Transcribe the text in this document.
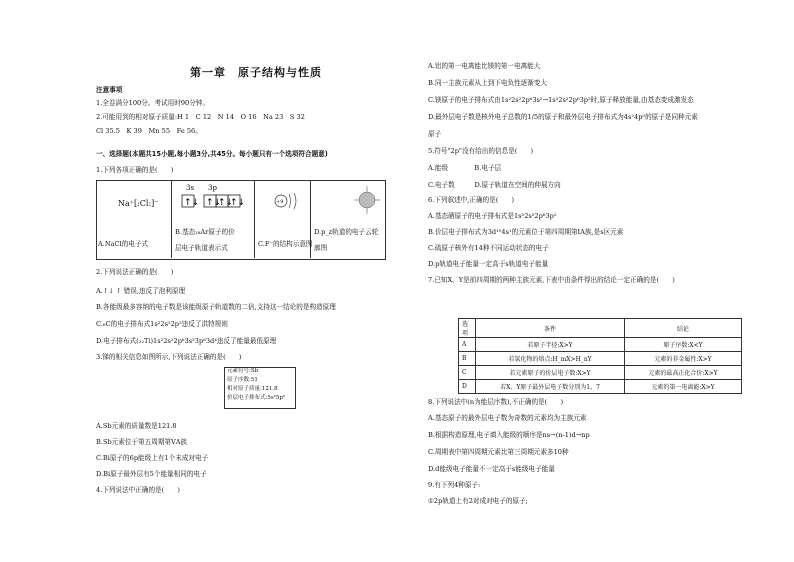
第一章　原子结构与性质
注意事项
1.全卷满分100分。考试用时90分钟。
2.可能用到的相对原子质量:H 1　C 12　N 14　O 16　Na 23　S 32
Cl 35.5　K 39　Mn 55　Fe 56。
一、选择题(本题共15小题,每小题3分,共45分。每小题只有一个选项符合题意)
1.下列各项正确的是(　　)
Na⁺[:Cl:]⁻
3s　　3p
↑↓ ↑↓
↑↓
↑↓	+9
A.NaCl的电子式
B.基态₁₈Ar原子的价
层电子轨道表示式	C.F⁻的结构示意图
D.p_z轨道的电子云轮
廓图
2.下列说法正确的是(　　)
A.↑↓ ↑ 错误,违反了泡利原理
B.各能级最多容纳的电子数是该能级原子轨道数的二倍,支持这一结论的是构造原理
C.₆C的电子排布式1s²2s²2p²违反了洪特规则
D.电子排布式(₂₂Ti)1s²2s²2p⁶3s²3p⁶3d⁴违反了能量最低原理
3.锑的相关信息如图所示,下列说法正确的是(　　)
元素符号:Sb
原子序数:51
相对原子质量:121.8
价层电子排布式:5s²5p³
A.Sb元素的质量数是121.8
B.Sb元素位于第五周期第ⅤA族
C.Bi原子的6p能级上有1个未成对电子
D.Bi原子最外层有5个能量相同的电子
4.下列说法中正确的是(　　)
A.铝的第一电离能比镁的第一电离能大
B.同一主族元素从上到下电负性逐渐变大
C.镁原子的电子排布式由1s²2s²2p⁶3s²→1s²2s²2p⁶3p²时,原子释放能量,由基态变成激发态
D.最外层电子数是核外电子总数的1/5的原子和最外层电子排布式为4s²4p⁵的原子是同种元素
原子
5.符号"2p"没有给出的信息是(　　)
A.能级　　　　B.电子层
C.电子数　　　D.原子轨道在空间的伸展方向
6.下列叙述中,正确的是(　　)
A.基态硒原子的电子排布式是1s²2s²2p⁶3p²
B.价层电子排布式为3d¹⁰4s¹的元素位于第四周期第ⅠA族,是s区元素
C.硫原子核外有14种不同运动状态的电子
D.p轨道电子能量一定高于s轨道电子能量
7.已知X、Y是前四周期的两种主族元素,下表中由条件得出的结论一定正确的是(　　)
选项	条件	结论
A	若原子半径:X>Y	原子序数:X<Y
B	若氢化物的熔点:H_mX>H_nY	元素的非金属性:X>Y
C	若元素原子的价层电子数:X>Y	元素的最高正化合价:X>Y
D	若X、Y原子最外层电子数分别为1、7	元素的第一电离能:X>Y
8.下列说法中(n为能层序数),不正确的是(　　)
A.基态原子的最外层电子数为奇数的元素均为主族元素
B.根据构造原理,电子填入能级的顺序是ns→(n-1)d→np
C.周期表中第四周期元素比第三周期元素多10种
D.d能级电子能量不一定高于s能级电子能量
9.有下列4种原子:
①2p轨道上有2对成对电子的原子;
